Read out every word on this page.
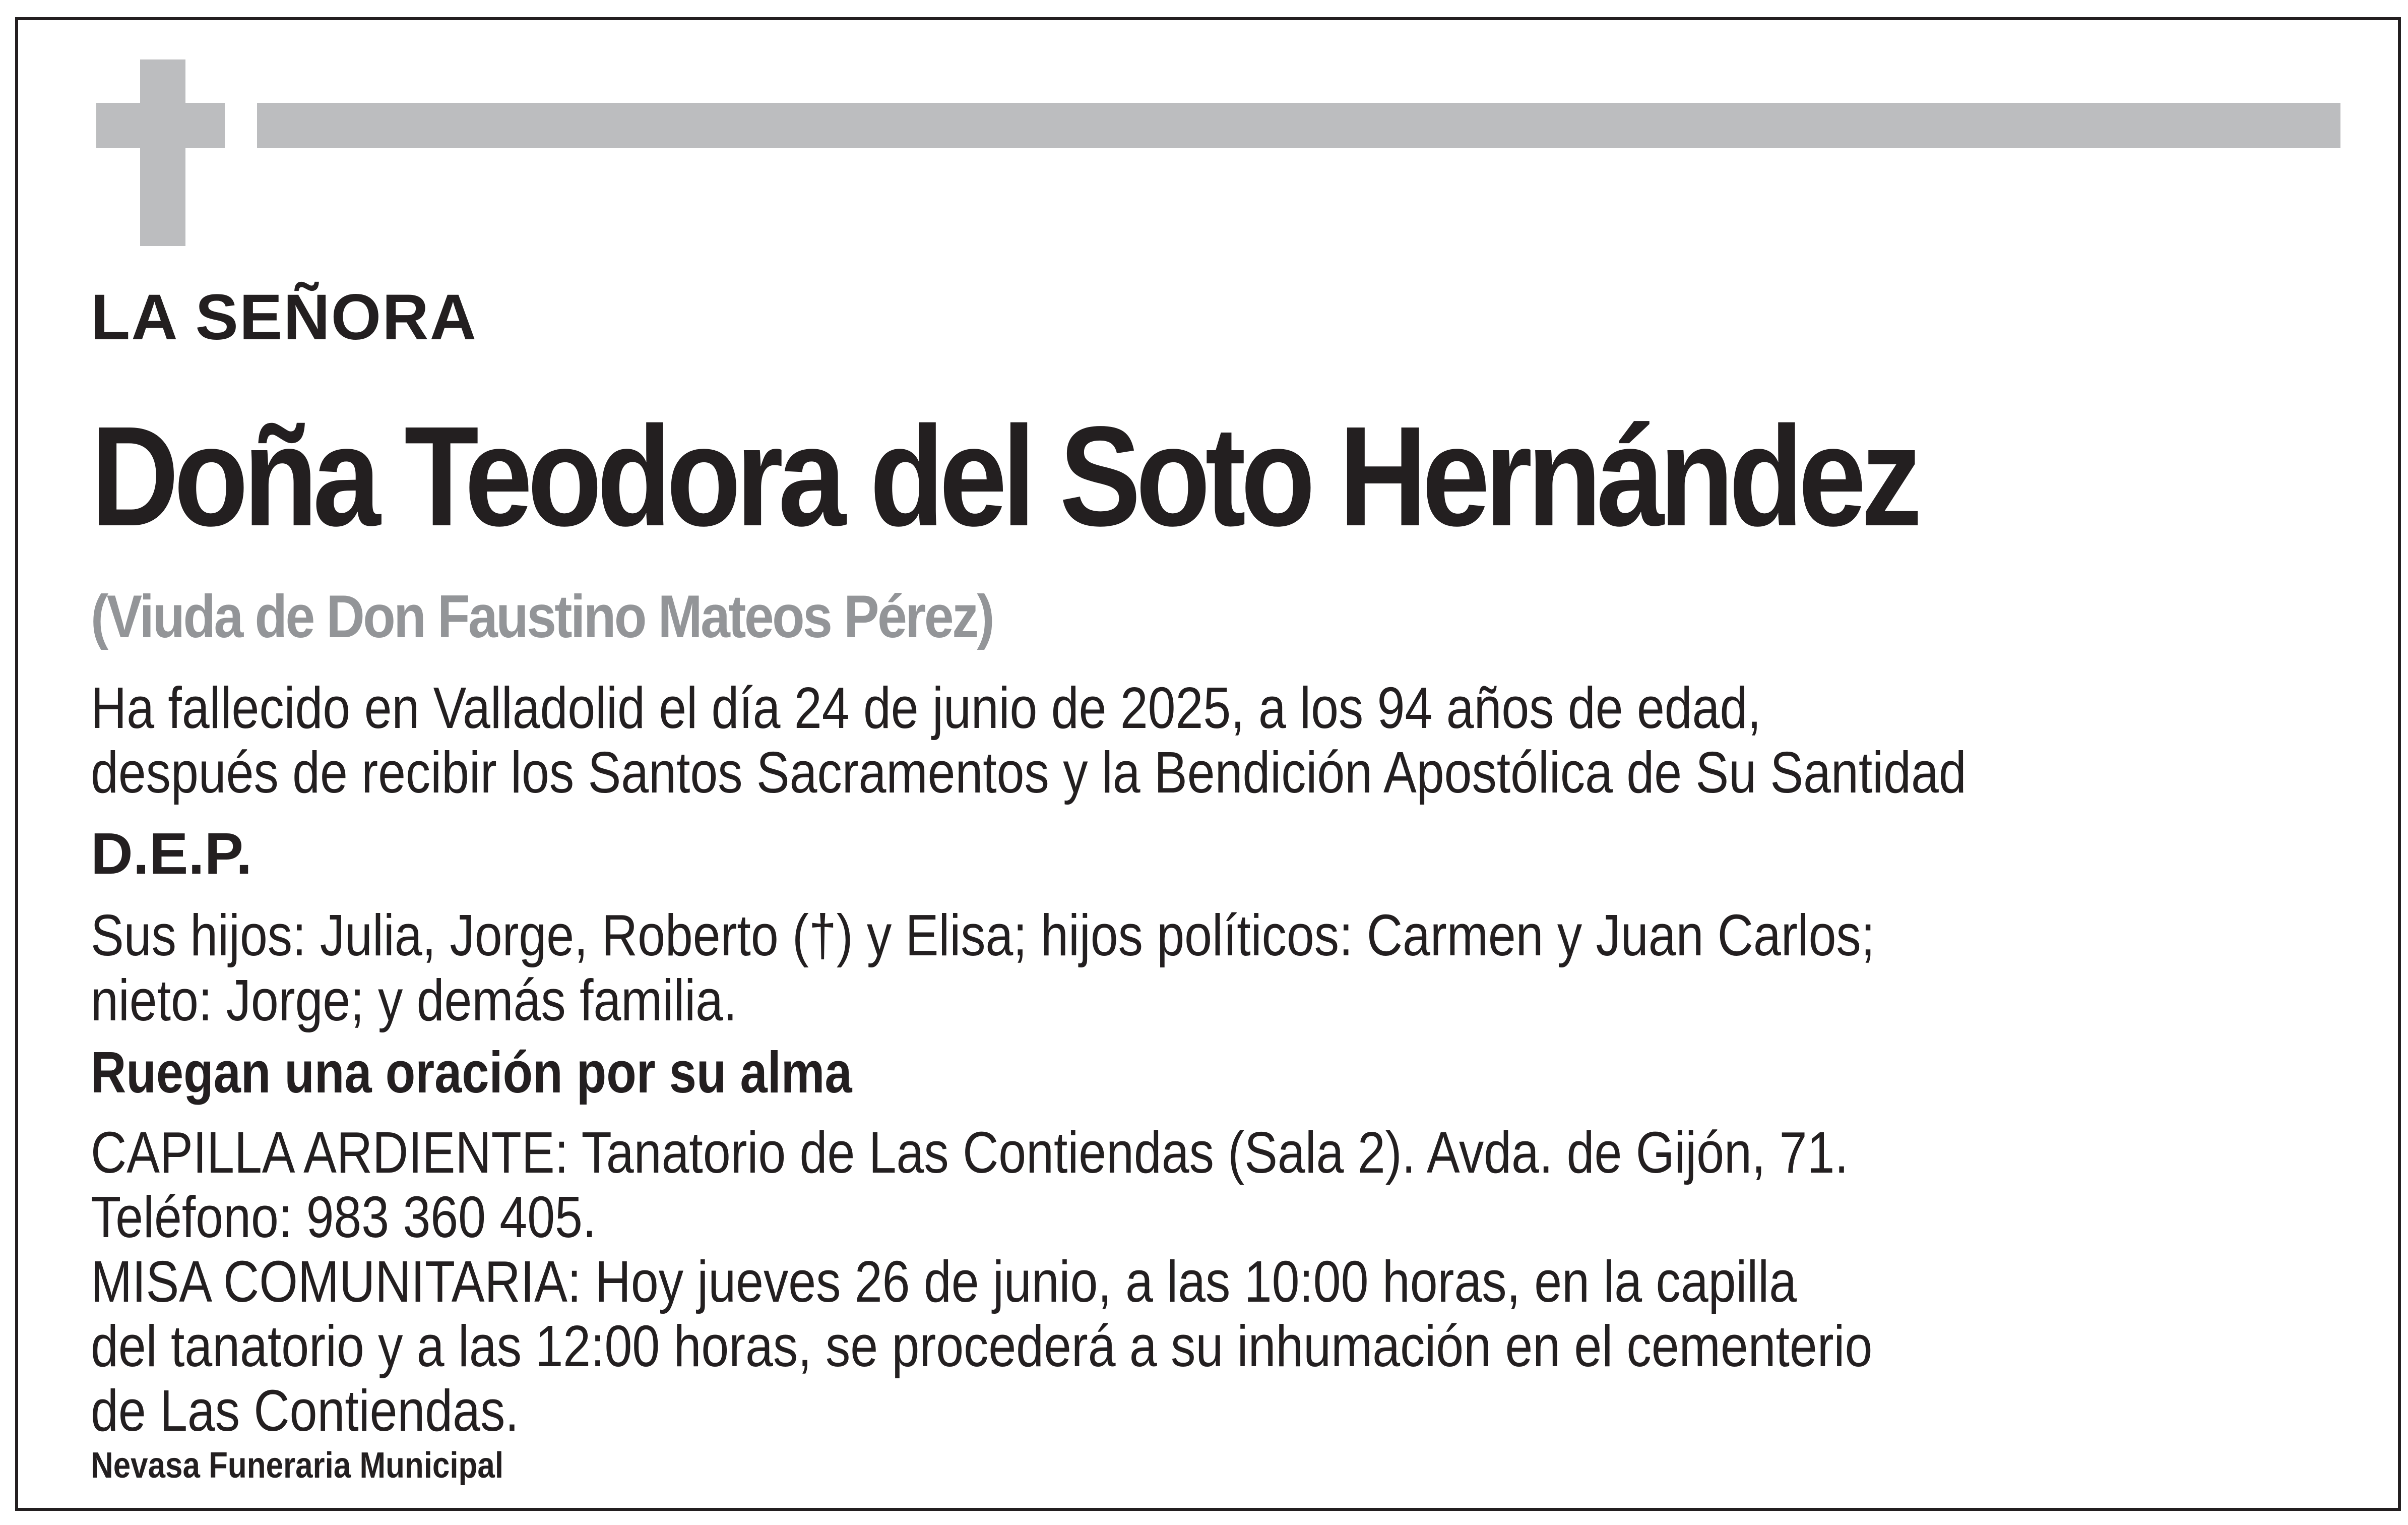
LA SEÑORA

Doña Teodora del Soto Hernández

(Viuda de Don Faustino Mateos Pérez)

Ha fallecido en Valladolid el día 24 de junio de 2025, a los 94 años de edad,

después de recibir los Santos Sacramentos y la Bendición Apostólica de Su Santidad

D.E.P.

Sus hijos: Julia, Jorge, Roberto (†) y Elisa; hijos políticos: Carmen y Juan Carlos;

nieto: Jorge; y demás familia.

Ruegan una oración por su alma

CAPILLA ARDIENTE: Tanatorio de Las Contiendas (Sala 2). Avda. de Gijón, 71.

Teléfono: 983 360 405.

MISA COMUNITARIA: Hoy jueves 26 de junio, a las 10:00 horas, en la capilla

del tanatorio y a las 12:00 horas, se procederá a su inhumación en el cementerio

de Las Contiendas.

Nevasa Funeraria Municipal
